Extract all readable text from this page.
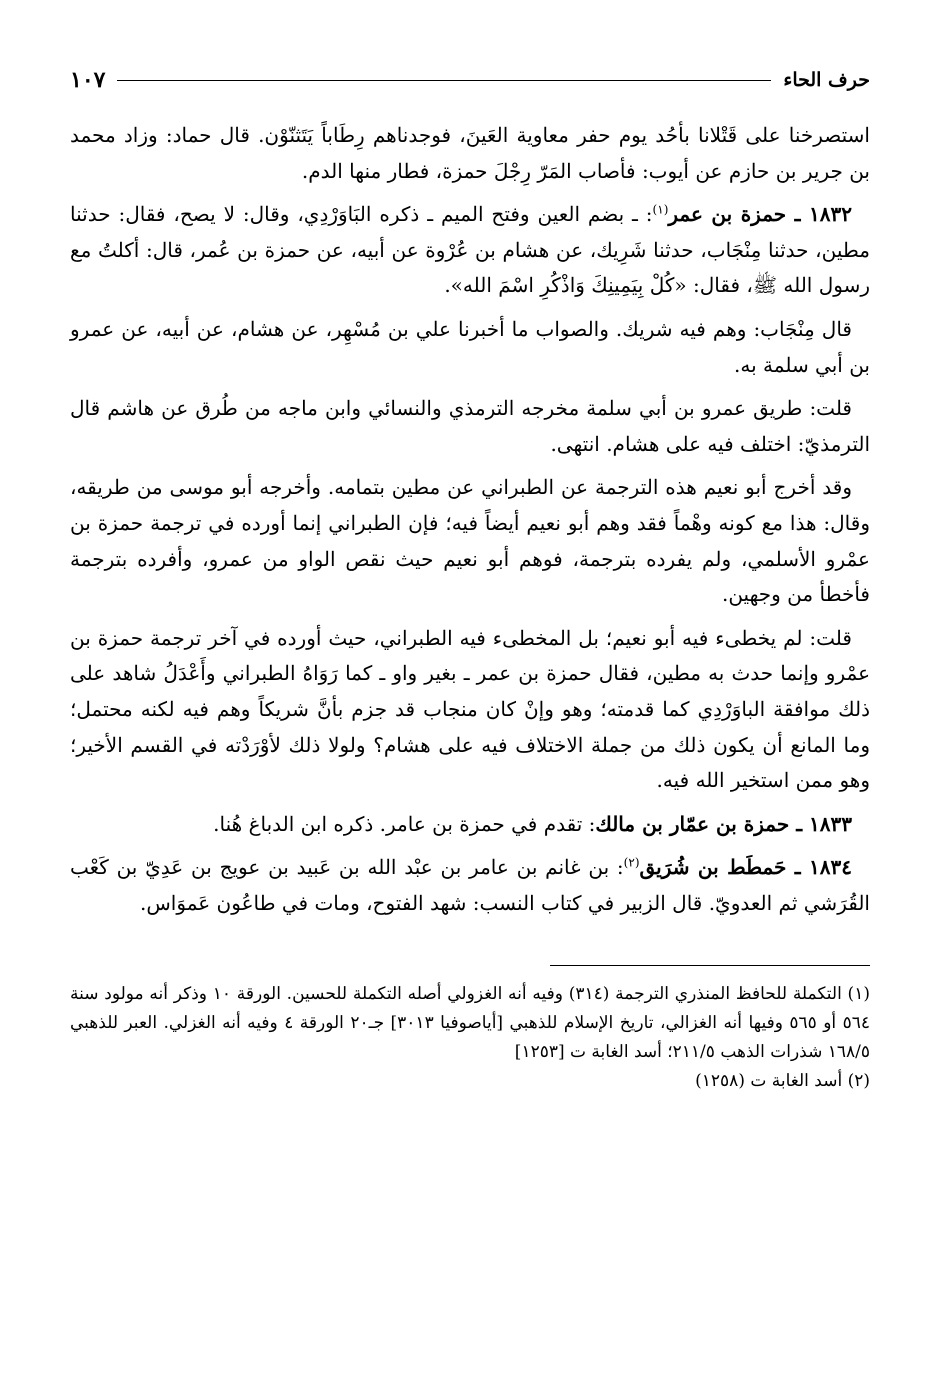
حرف الحاء
١٠٧

استصرخنا على قَتْلانا بأحُد يوم حفر معاوية العَينَ، فوجدناهم رِطَاباً يَتَثنّوْن. قال حماد: وزاد محمد بن جرير بن حازم عن أيوب: فأصاب المَرّ رِجْلَ حمزة، فطار منها الدم.

١٨٣٢ ـ حمزة بن عمر$^{(١)}$: ـ بضم العين وفتح الميم ـ ذكره البَاوَرْدِي، وقال: لا يصح، فقال: حدثنا مطين، حدثنا مِنْجَاب، حدثنا شَرِيك، عن هشام بن عُرْوة عن أبيه، عن حمزة بن عُمر، قال: أكلتُ مع رسول الله ﷺ، فقال: «كُلْ بِيَمِينِكَ وَاذْكُرِ اسْمَ الله».

قال مِنْجَاب: وهم فيه شريك. والصواب ما أخبرنا علي بن مُسْهِر، عن هشام، عن أبيه، عن عمرو بن أبي سلمة به.

قلت: طريق عمرو بن أبي سلمة مخرجه الترمذي والنسائي وابن ماجه من طُرق عن هاشم قال الترمذيّ: اختلف فيه على هشام. انتهى.

وقد أخرج أبو نعيم هذه الترجمة عن الطبراني عن مطين بتمامه. وأخرجه أبو موسى من طريقه، وقال: هذا مع كونه وهْماً فقد وهم أبو نعيم أيضاً فيه؛ فإن الطبراني إنما أورده في ترجمة حمزة بن عمْرو الأسلمي، ولم يفرده بترجمة، فوهم أبو نعيم حيث نقص الواو من عمرو، وأفرده بترجمة فأخطأ من وجهين.

قلت: لم يخطىء فيه أبو نعيم؛ بل المخطىء فيه الطبراني، حيث أورده في آخر ترجمة حمزة بن عمْرو وإنما حدث به مطين، فقال حمزة بن عمر ـ بغير واو ـ كما رَوَاهُ الطبراني وأَعْدَلُ شاهد على ذلك موافقة الباوَرْدِي كما قدمته؛ وهو وإنْ كان منجاب قد جزم بأنَّ شريكاً وهم فيه لكنه محتمل؛ وما المانع أن يكون ذلك من جملة الاختلاف فيه على هشام؟ ولولا ذلك لأوْرَدْته في القسم الأخير؛ وهو ممن استخير الله فيه.

١٨٣٣ ـ حمزة بن عمّار بن مالك: تقدم في حمزة بن عامر. ذكره ابن الدباغ هُنا.

١٨٣٤ ـ حَمطَط بن شُرَيق$^{(٢)}$: بن غانم بن عامر بن عبْد الله بن عَبيد بن عويج بن عَدِيّ بن كَعْب القُرَشي ثم العدويّ. قال الزبير في كتاب النسب: شهد الفتوح، ومات في طاعُون عَموَاس.

(١) التكملة للحافظ المنذري الترجمة (٣١٤) وفيه أنه الغزولي أصله التكملة للحسين. الورقة ١٠ وذكر أنه مولود سنة ٥٦٤ أو ٥٦٥ وفيها أنه الغزالي، تاريخ الإسلام للذهبي [أياصوفيا ٣٠١٣] جـ٢٠ الورقة ٤ وفيه أنه الغزلي. العبر للذهبي ١٦٨/٥ شذرات الذهب ٢١١/٥؛ أسد الغابة ت [١٢٥٣]

(٢) أسد الغابة ت (١٢٥٨)
